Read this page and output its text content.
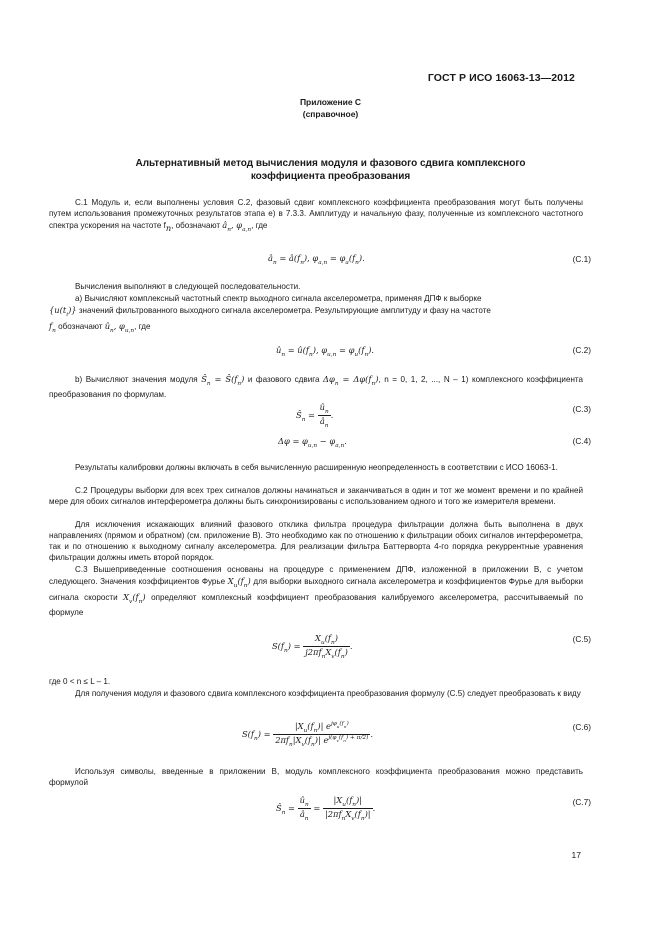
ГОСТ Р ИСО 16063-13—2012
Приложение С
(справочное)
Альтернативный метод вычисления модуля и фазового сдвига комплексного
коэффициента преобразования
С.1 Модуль и, если выполнены условия С.2, фазовый сдвиг комплексного коэффициента преобразования могут быть получены путем использования промежуточных результатов этапа е) в 7.3.3. Амплитуду и начальную фазу, полученные из комплексного частотного спектра ускорения на частоте $f_n$, обозначают $â_n$, $\varphi_{a,n}$, где
$â_n$ = $â(f_n)$, $\varphi_{a,n} = \varphi_a(f_n)$.	(С.1)
Вычисления выполняют в следующей последовательности.
а) Вычисляют комплексный частотный спектр выходного сигнала акселерометра, применяя ДПФ к выборке
$\{u(t_i)\}$ значений фильтрованного выходного сигнала акселерометра. Результирующие амплитуду и фазу на частоте
$f_n$ обозначают $û_n$, $\varphi_{u,n}$, где
$û_n$ = $û(f_n)$, $\varphi_{u,n} = \varphi_u(f_n)$.	(С.2)
b) Вычисляют значения модуля $Ŝ_n$ = $Ŝ(f_n)$ и фазового сдвига $\Delta\varphi_n = \Delta\varphi(f_n)$, n = 0, 1, 2, ..., N – 1) комплексного коэффициента преобразования по формулам.
$Ŝ_n = \frac{û_n}{â_n}$ .
(С.3)
$\Delta\varphi = \varphi_{u,n} - \varphi_{a,n}$.	(С.4)
Результаты калибровки должны включать в себя вычисленную расширенную неопределенность в соответствии с ИСО 16063-1.
С.2 Процедуры выборки для всех трех сигналов должны начинаться и заканчиваться в один и тот же момент времени и по крайней мере для обоих сигналов интерферометра должны быть синхронизированы с использованием одного и того же измерителя времени.
Для исключения искажающих влияний фазового отклика фильтра процедура фильтрации должна быть выполнена в двух направлениях (прямом и обратном) (см. приложение В). Это необходимо как по отношению к фильтрации обоих сигналов интерферометра, так и по отношению к выходному сигналу акселерометра. Для реализации фильтра Баттерворта 4-го порядка рекуррентные уравнения фильтрации должны иметь второй порядок.
С.3 Вышеприведенные соотношения основаны на процедуре с применением ДПФ, изложенной в приложении В, с учетом следующего. Значения коэффициентов Фурье $X_u(f_n)$ для выборки выходного сигнала акселерометра и коэффициентов Фурье для выборки сигнала скорости $X_v(f_n)$ определяют комплексный коэффициент преобразования калибруемого акселерометра, рассчитываемый по формуле
$S(f_n) = \frac{X_u(f_n)}{j2\pi f_nX_v(f_n)}$ .
(С.5)
где 0 < n ≤ L – 1.
Для получения модуля и фазового сдвига комплексного коэффициента преобразования формулу (С.5) следует преобразовать к виду
$S(f_n) = \frac{|X_u(f_n)| e^{j\varphi_u(f_n)}}{2\pi f_n|X_v(f_n)| e^{j(\varphi_v(f_n) + \pi/2)}}$ .
(С.6)
Используя символы, введенные в приложении В, модуль комплексного коэффициента преобразования можно представить формулой
$Ŝ_n = \frac{û_n}{â_n} = \frac{|X_u(f_n)|}{|2\pi f_nX_v(f_n)|}$ .
(С.7)
17
